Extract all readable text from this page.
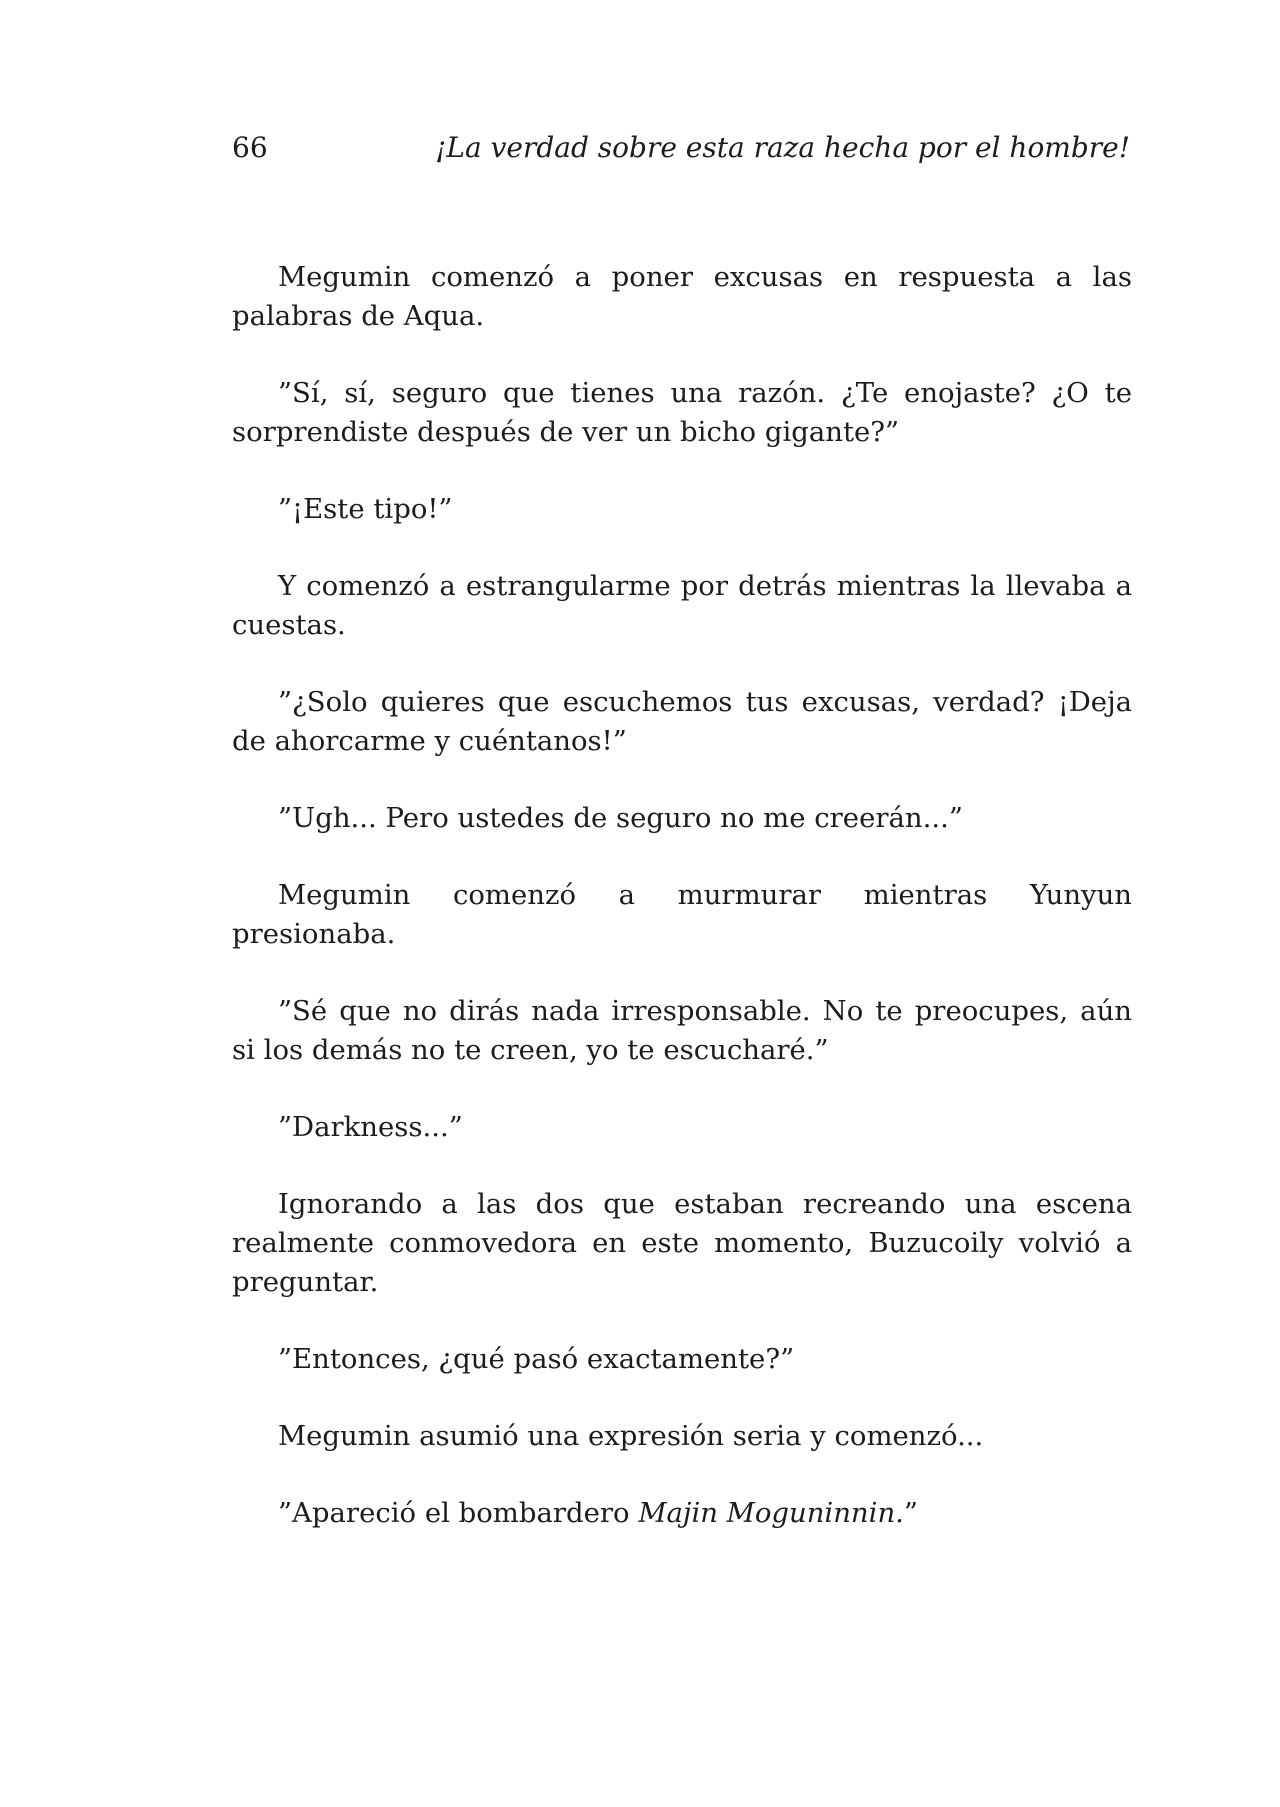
66	¡La verdad sobre esta raza hecha por el hombre!

Megumin comenzó a poner excusas en respuesta a las palabras de Aqua.

”Sí, sí, seguro que tienes una razón. ¿Te enojaste? ¿O te sorprendiste después de ver un bicho gigante?”

”¡Este tipo!”

Y comenzó a estrangularme por detrás mientras la llevaba a cuestas.

”¿Solo quieres que escuchemos tus excusas, verdad? ¡Deja de ahorcarme y cuéntanos!”

”Ugh... Pero ustedes de seguro no me creerán...”

Megumin comenzó a murmurar mientras Yunyun presionaba.

”Sé que no dirás nada irresponsable. No te preocupes, aún si los demás no te creen, yo te escucharé.”

”Darkness...”

Ignorando a las dos que estaban recreando una escena realmente conmovedora en este momento, Buzucoily volvió a preguntar.

”Entonces, ¿qué pasó exactamente?”

Megumin asumió una expresión seria y comenzó...

”Apareció el bombardero Majin Moguninnin.”
